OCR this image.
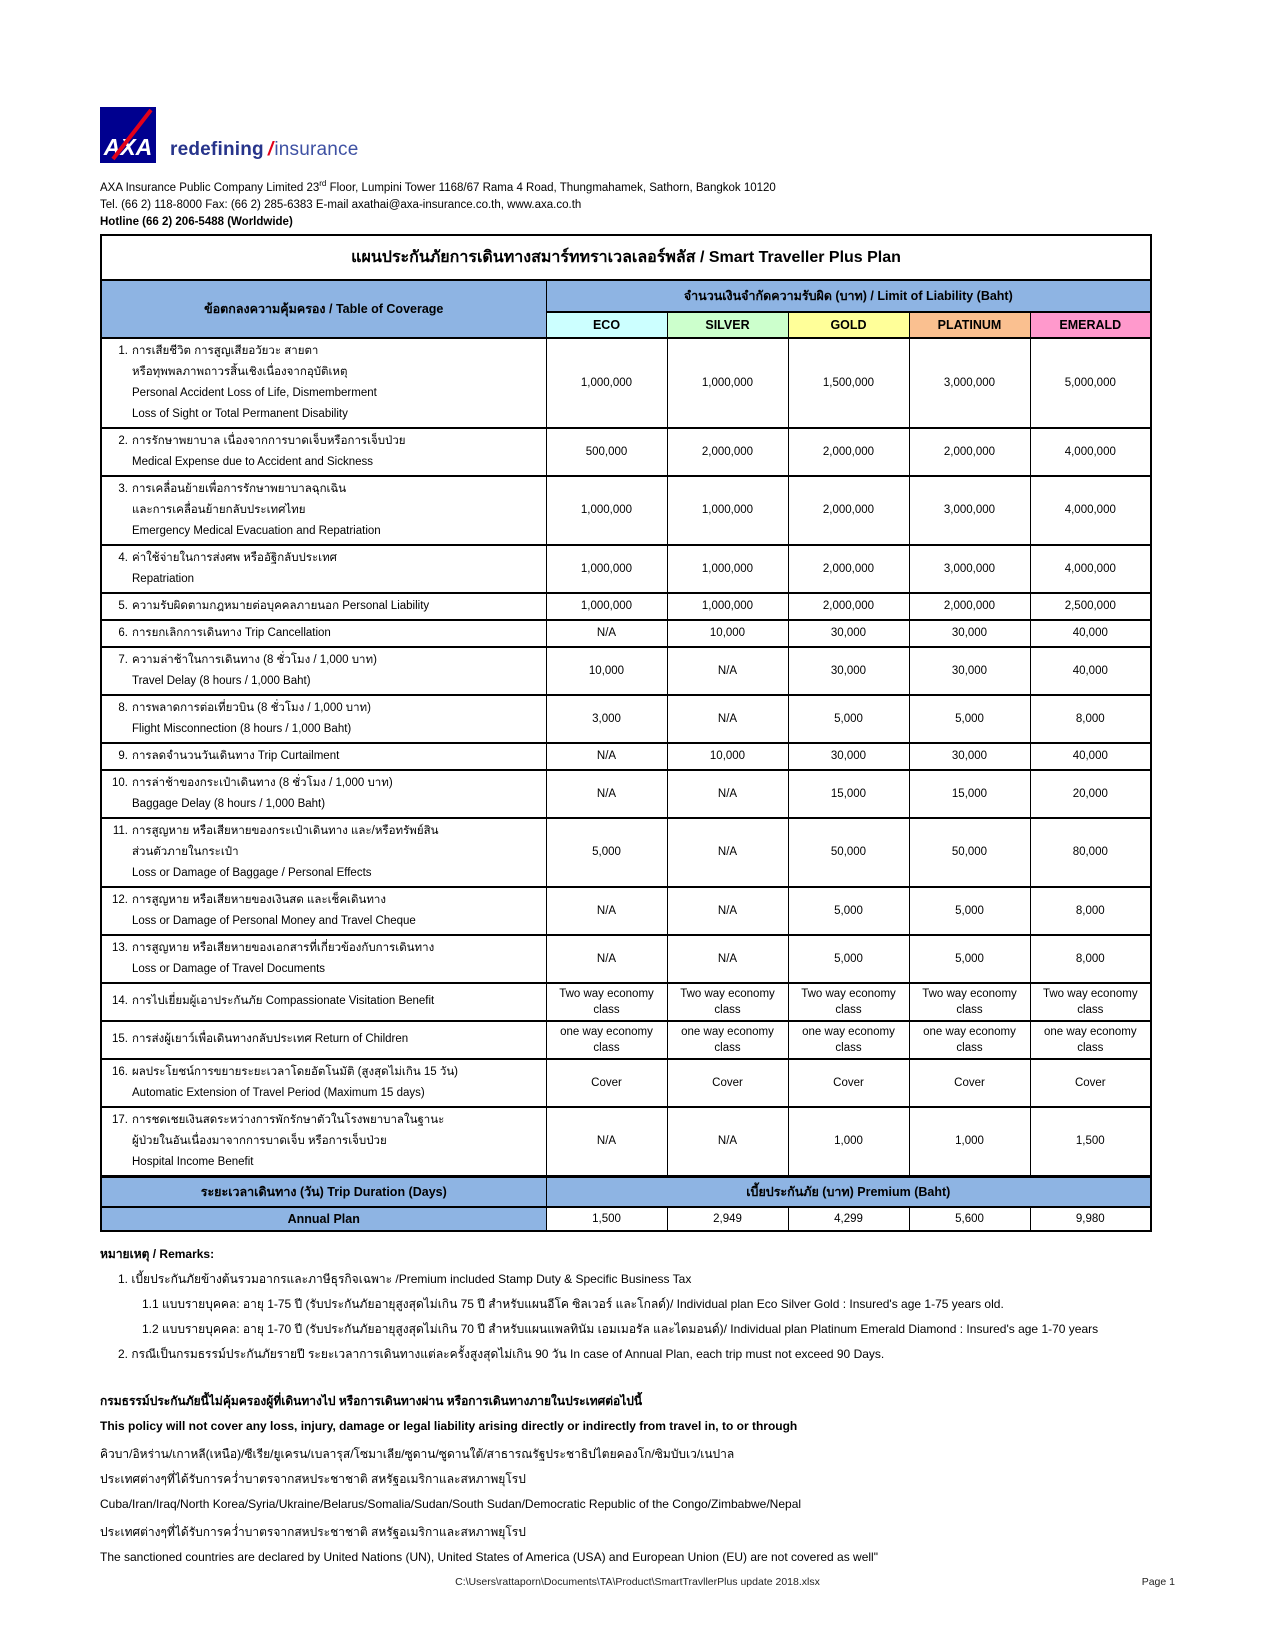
AXA redefining /insurance
AXA Insurance Public Company Limited 23rd Floor, Lumpini Tower 1168/67 Rama 4 Road, Thungmahamek, Sathorn, Bangkok 10120
Tel. (66 2) 118-8000 Fax: (66 2) 285-6383 E-mail axathai@axa-insurance.co.th, www.axa.co.th
Hotline (66 2) 206-5488 (Worldwide)
แผนประกันภัยการเดินทางสมาร์ททราเวลเลอร์พลัส / Smart Traveller Plus Plan					
ข้อตกลงความคุ้มครอง / Table of Coverage	จำนวนเงินจำกัดความรับผิด (บาท) / Limit of Liability (Baht)				
	ECO	SILVER	GOLD	PLATINUM	EMERALD

1. การเสียชีวิต การสูญเสียอวัยวะ สายตา
หรือทุพพลภาพถาวรสิ้นเชิงเนื่องจากอุบัติเหตุ
Personal Accident Loss of Life, Dismemberment
Loss of Sight or Total Permanent Disability	1,000,000	1,000,000	1,500,000	3,000,000	5,000,000

2. การรักษาพยาบาล เนื่องจากการบาดเจ็บหรือการเจ็บป่วย
Medical Expense due to Accident and Sickness	500,000	2,000,000	2,000,000	2,000,000	4,000,000

3. การเคลื่อนย้ายเพื่อการรักษาพยาบาลฉุกเฉิน
และการเคลื่อนย้ายกลับประเทศไทย
Emergency Medical Evacuation and Repatriation	1,000,000	1,000,000	2,000,000	3,000,000	4,000,000

4. ค่าใช้จ่ายในการส่งศพ หรืออัฐิกลับประเทศ
Repatriation	1,000,000	1,000,000	2,000,000	3,000,000	4,000,000

5. ความรับผิดตามกฎหมายต่อบุคคลภายนอก Personal Liability	1,000,000	1,000,000	2,000,000	2,000,000	2,500,000

6. การยกเลิกการเดินทาง Trip Cancellation	N/A	10,000	30,000	30,000	40,000

7. ความล่าช้าในการเดินทาง (8 ชั่วโมง / 1,000 บาท)
Travel Delay (8 hours / 1,000 Baht)	10,000	N/A	30,000	30,000	40,000

8. การพลาดการต่อเที่ยวบิน (8 ชั่วโมง / 1,000 บาท)
Flight Misconnection (8 hours / 1,000 Baht)	3,000	N/A	5,000	5,000	8,000

9. การลดจำนวนวันเดินทาง Trip Curtailment	N/A	10,000	30,000	30,000	40,000

10. การล่าช้าของกระเป๋าเดินทาง (8 ชั่วโมง / 1,000 บาท)
Baggage Delay (8 hours / 1,000 Baht)	N/A	N/A	15,000	15,000	20,000

11. การสูญหาย หรือเสียหายของกระเป๋าเดินทาง และ/หรือทรัพย์สิน
ส่วนตัวภายในกระเป๋า
Loss or Damage of Baggage / Personal Effects	5,000	N/A	50,000	50,000	80,000

12. การสูญหาย หรือเสียหายของเงินสด และเช็คเดินทาง
Loss or Damage of Personal Money and Travel Cheque	N/A	N/A	5,000	5,000	8,000

13. การสูญหาย หรือเสียหายของเอกสารที่เกี่ยวข้องกับการเดินทาง
Loss or Damage of Travel Documents	N/A	N/A	5,000	5,000	8,000

14. การไปเยี่ยมผู้เอาประกันภัย Compassionate Visitation Benefit	Two way economy class	Two way economy class	Two way economy class	Two way economy class	Two way economy class

15. การส่งผู้เยาว์เพื่อเดินทางกลับประเทศ Return of Children	one way economy class	one way economy class	one way economy class	one way economy class	one way economy class

16. ผลประโยชน์การขยายระยะเวลาโดยอัตโนมัติ (สูงสุดไม่เกิน 15 วัน)
Automatic Extension of Travel Period (Maximum 15 days)	Cover	Cover	Cover	Cover	Cover

17. การชดเชยเงินสดระหว่างการพักรักษาตัวในโรงพยาบาลในฐานะ
ผู้ป่วยในอันเนื่องมาจากการบาดเจ็บ หรือการเจ็บป่วย
Hospital Income Benefit	N/A	N/A	1,000	1,000	1,500
ระยะเวลาเดินทาง (วัน) Trip Duration (Days)	เบี้ยประกันภัย (บาท) Premium (Baht)				
Annual Plan	1,500	2,949	4,299	5,600	9,980
หมายเหตุ / Remarks:
1. เบี้ยประกันภัยข้างต้นรวมอากรและภาษีธุรกิจเฉพาะ /Premium included Stamp Duty & Specific Business Tax
1.1 แบบรายบุคคล: อายุ 1-75 ปี (รับประกันภัยอายุสูงสุดไม่เกิน 75 ปี สำหรับแผนอีโค ซิลเวอร์ และโกลด์)/ Individual plan Eco Silver Gold : Insured's age 1-75 years old.
1.2 แบบรายบุคคล: อายุ 1-70 ปี (รับประกันภัยอายุสูงสุดไม่เกิน 70 ปี สำหรับแผนแพลทินัม เอมเมอรัล และไดมอนด์)/ Individual plan Platinum Emerald Diamond : Insured's age 1-70 years
2. กรณีเป็นกรมธรรม์ประกันภัยรายปี ระยะเวลาการเดินทางแต่ละครั้งสูงสุดไม่เกิน 90 วัน In case of Annual Plan, each trip must not exceed 90 Days.
กรมธรรม์ประกันภัยนี้ไม่คุ้มครองผู้ที่เดินทางไป หรือการเดินทางผ่าน หรือการเดินทางภายในประเทศต่อไปนี้
This policy will not cover any loss, injury, damage or legal liability arising directly or indirectly from travel in, to or through
คิวบา/อิหร่าน/เกาหลี(เหนือ)/ซีเรีย/ยูเครน/เบลารุส/โซมาเลีย/ซูดาน/ซูดานใต้/สาธารณรัฐประชาธิปไตยคองโก/ซิมบับเว/เนปาล
ประเทศต่างๆที่ได้รับการคว่ำบาตรจากสหประชาชาติ สหรัฐอเมริกาและสหภาพยุโรป
Cuba/Iran/Iraq/North Korea/Syria/Ukraine/Belarus/Somalia/Sudan/South Sudan/Democratic Republic of the Congo/Zimbabwe/Nepal
ประเทศต่างๆที่ได้รับการคว่ำบาตรจากสหประชาชาติ สหรัฐอเมริกาและสหภาพยุโรป
The sanctioned countries are declared by United Nations (UN), United States of America (USA) and European Union (EU) are not covered as well"
C:\Users\rattaporn\Documents\TA\Product\SmartTravllerPlus update 2018.xlsx	Page 1
